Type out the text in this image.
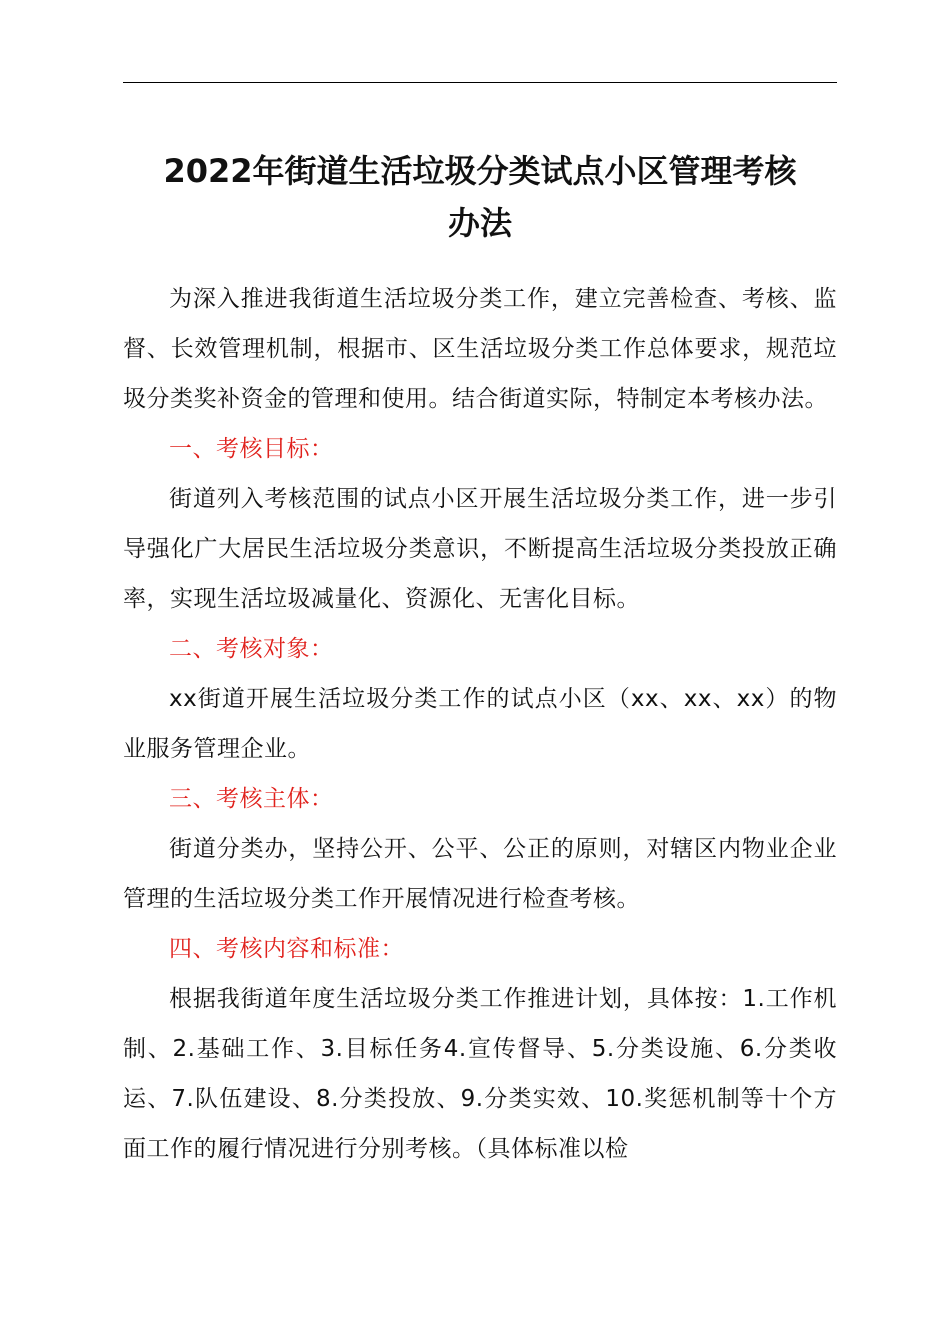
2022年街道生活垃圾分类试点小区管理考核
办法

为深入推进我街道生活垃圾分类工作，建立完善检查、考核、监督、长效管理机制，根据市、区生活垃圾分类工作总体要求，规范垃圾分类奖补资金的管理和使用。结合街道实际，特制定本考核办法。

一、考核目标：

街道列入考核范围的试点小区开展生活垃圾分类工作，进一步引导强化广大居民生活垃圾分类意识，不断提高生活垃圾分类投放正确率，实现生活垃圾减量化、资源化、无害化目标。

二、考核对象：

xx街道开展生活垃圾分类工作的试点小区（xx、xx、xx）的物业服务管理企业。

三、考核主体：

街道分类办，坚持公开、公平、公正的原则，对辖区内物业企业管理的生活垃圾分类工作开展情况进行检查考核。

四、考核内容和标准：

根据我街道年度生活垃圾分类工作推进计划，具体按：1.工作机制、2.基础工作、3.目标任务4.宣传督导、5.分类设施、6.分类收运、7.队伍建设、8.分类投放、9.分类实效、10.奖惩机制等十个方面工作的履行情况进行分别考核。（具体标准以检
